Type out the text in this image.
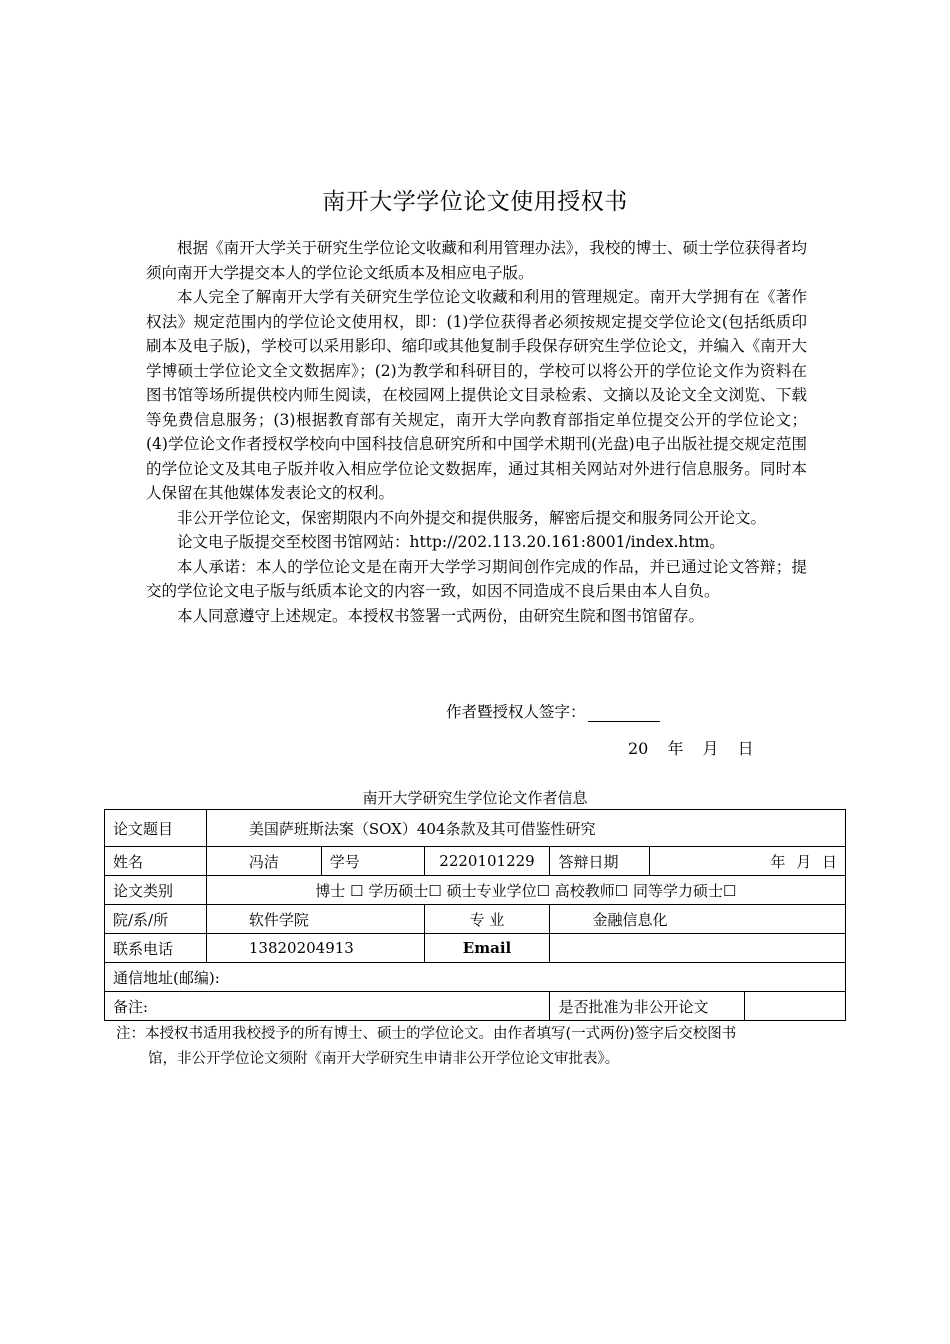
南开大学学位论文使用授权书

根据《南开大学关于研究生学位论文收藏和利用管理办法》，我校的博士、硕士学位获得者均须向南开大学提交本人的学位论文纸质本及相应电子版。

本人完全了解南开大学有关研究生学位论文收藏和利用的管理规定。南开大学拥有在《著作权法》规定范围内的学位论文使用权，即：(1)学位获得者必须按规定提交学位论文(包括纸质印刷本及电子版)，学校可以采用影印、缩印或其他复制手段保存研究生学位论文，并编入《南开大学博硕士学位论文全文数据库》；(2)为教学和科研目的，学校可以将公开的学位论文作为资料在图书馆等场所提供校内师生阅读，在校园网上提供论文目录检索、文摘以及论文全文浏览、下载等免费信息服务；(3)根据教育部有关规定，南开大学向教育部指定单位提交公开的学位论文；(4)学位论文作者授权学校向中国科技信息研究所和中国学术期刊(光盘)电子出版社提交规定范围的学位论文及其电子版并收入相应学位论文数据库，通过其相关网站对外进行信息服务。同时本人保留在其他媒体发表论文的权利。

非公开学位论文，保密期限内不向外提交和提供服务，解密后提交和服务同公开论文。

论文电子版提交至校图书馆网站：http://202.113.20.161:8001/index.htm。

本人承诺：本人的学位论文是在南开大学学习期间创作完成的作品，并已通过论文答辩；提交的学位论文电子版与纸质本论文的内容一致，如因不同造成不良后果由本人自负。

本人同意遵守上述规定。本授权书签署一式两份，由研究生院和图书馆留存。

作者暨授权人签字：
20 年 月 日
南开大学研究生学位论文作者信息
论文题目	美国萨班斯法案（SOX）404条款及其可借鉴性研究				
姓名	冯洁	学号	2220101229	答辩日期	年 月 日
论文类别	博士 ☐ 学历硕士☐ 硕士专业学位☐ 高校教师☐ 同等学力硕士☐				
院/系/所	软件学院		专 业	金融信息化	
联系电话	13820204913		Email		
通信地址(邮编):					
备注:				是否批准为非公开论文	
注：本授权书适用我校授予的所有博士、硕士的学位论文。由作者填写(一式两份)签字后交校图书
馆，非公开学位论文须附《南开大学研究生申请非公开学位论文审批表》。
